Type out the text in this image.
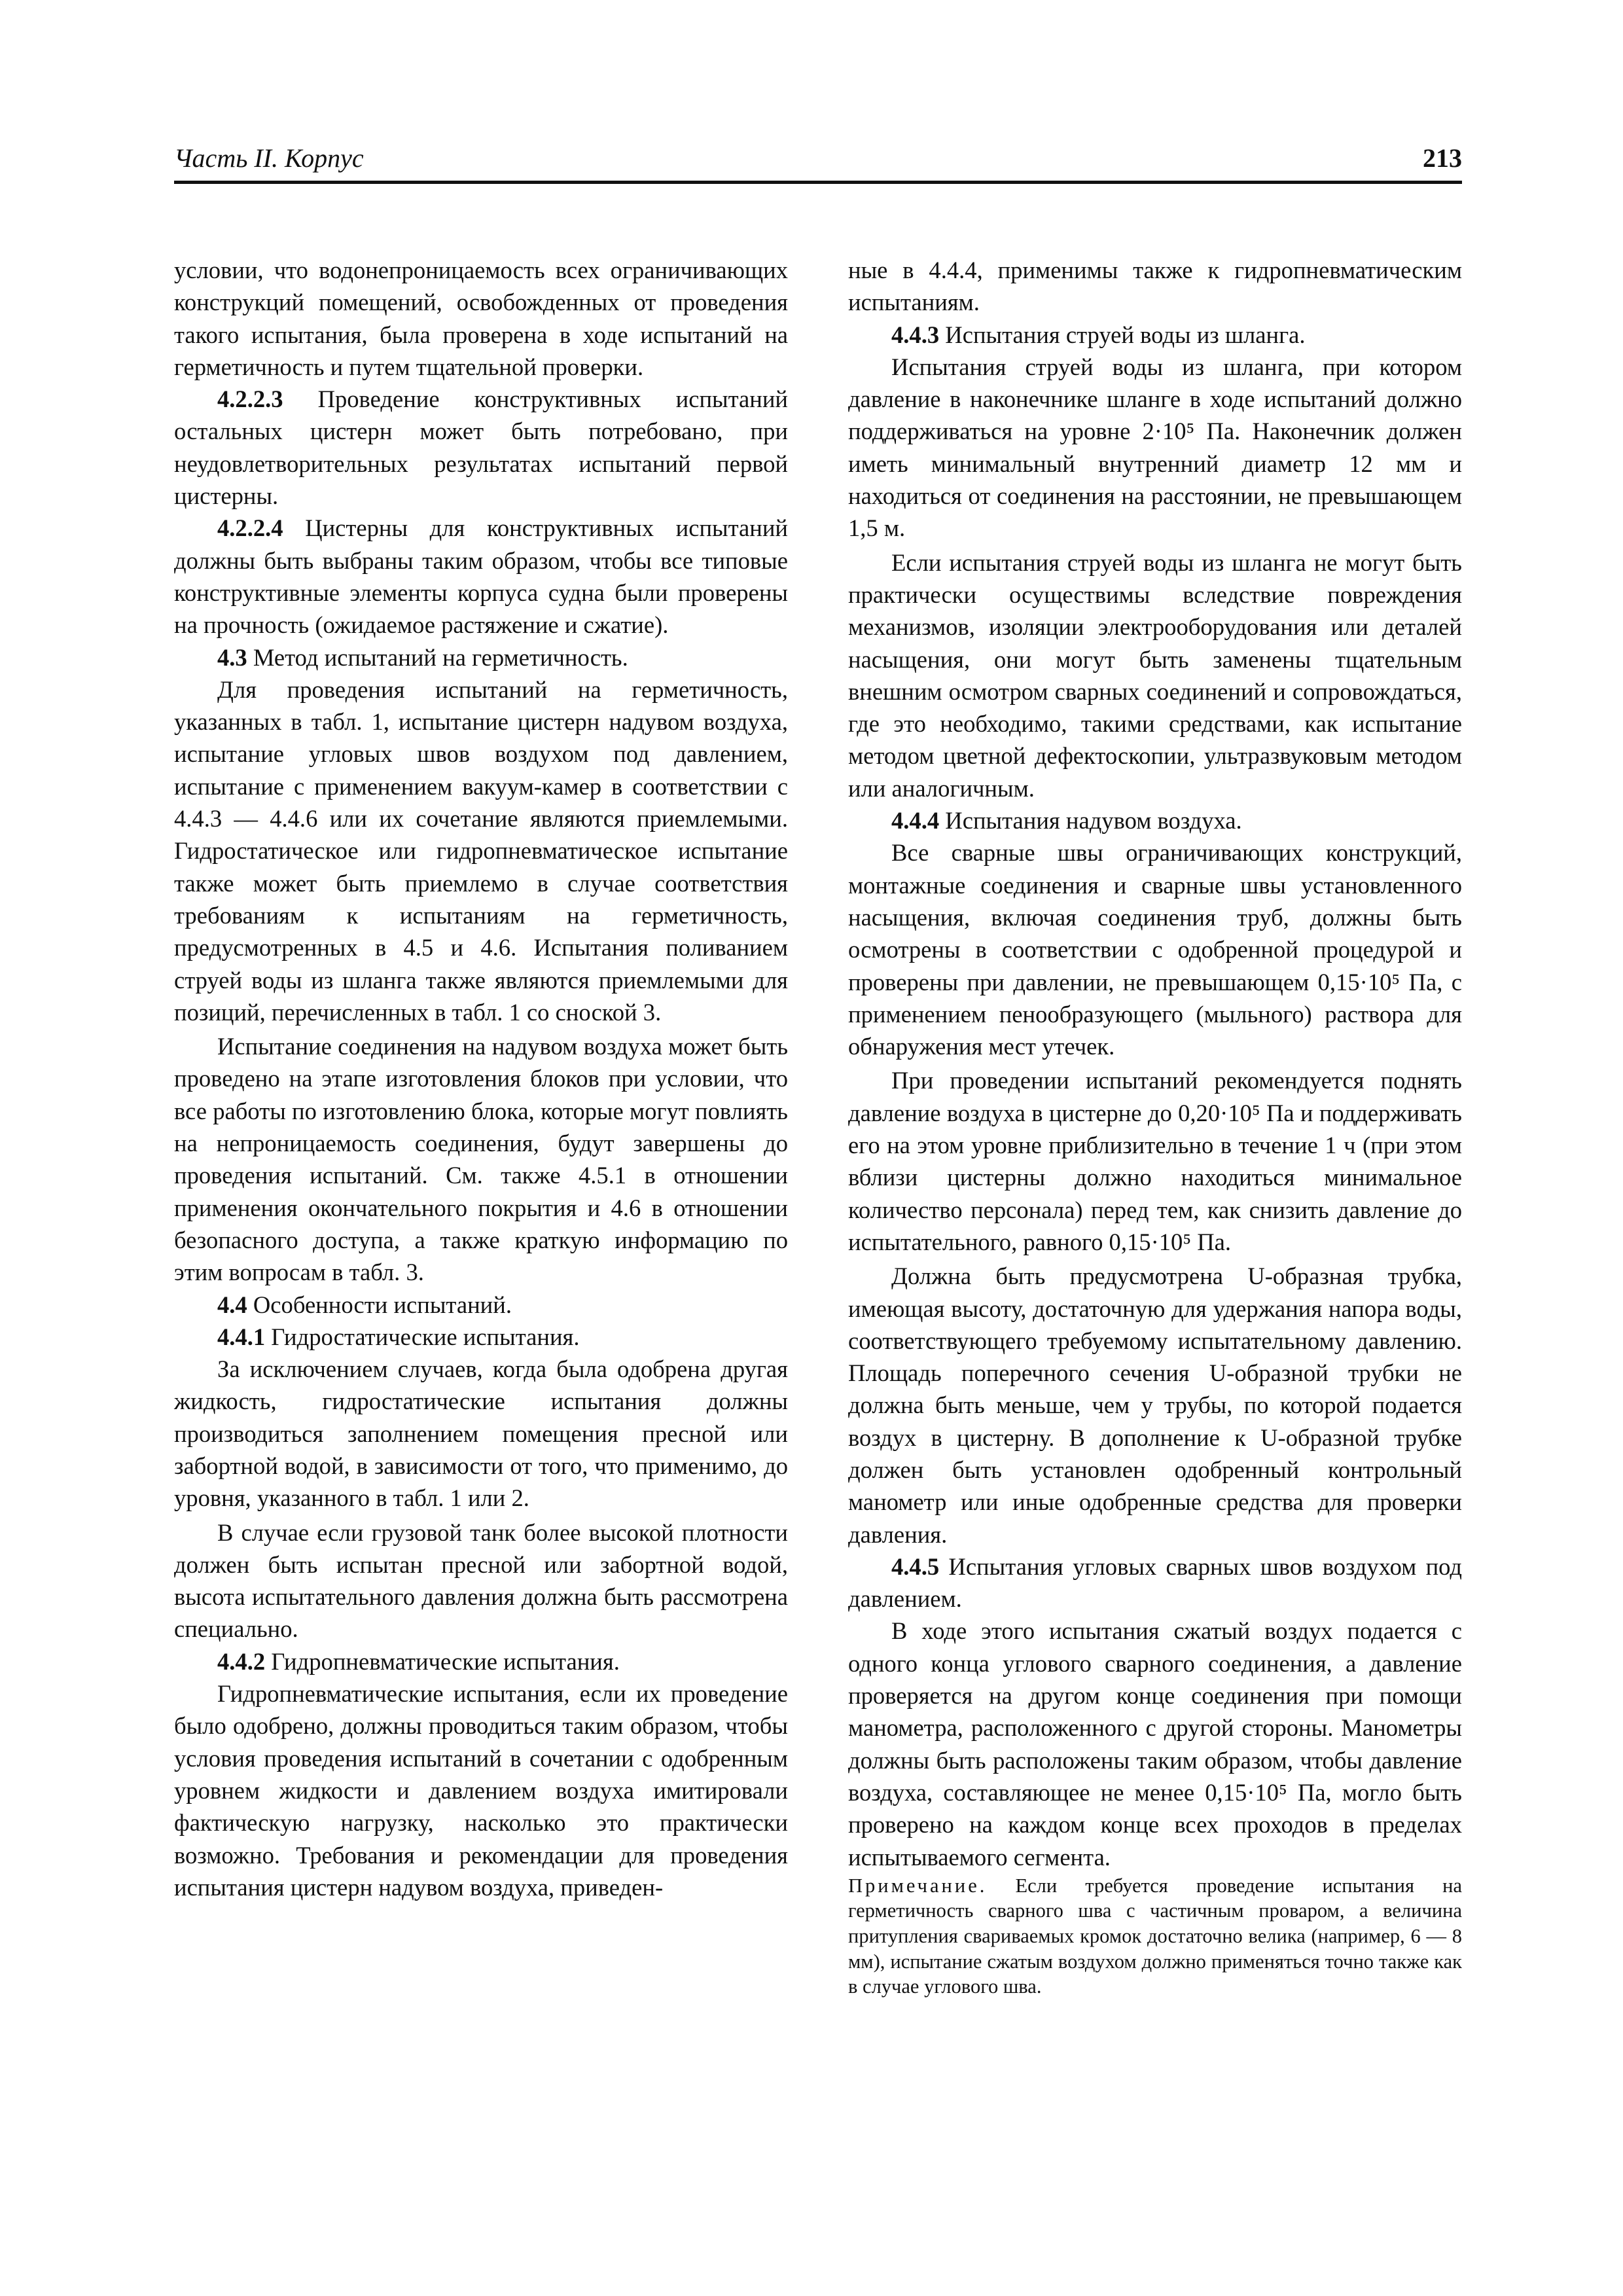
Часть II. Корпус	213

условии, что водонепроницаемость всех ограничивающих конструкций помещений, освобожденных от проведения такого испытания, была проверена в ходе испытаний на герметичность и путем тщательной проверки.

4.2.2.3 Проведение конструктивных испытаний остальных цистерн может быть потребовано, при неудовлетворительных результатах испытаний первой цистерны.

4.2.2.4 Цистерны для конструктивных испытаний должны быть выбраны таким образом, чтобы все типовые конструктивные элементы корпуса судна были проверены на прочность (ожидаемое растяжение и сжатие).

4.3 Метод испытаний на герметичность.

Для проведения испытаний на герметичность, указанных в табл. 1, испытание цистерн надувом воздуха, испытание угловых швов воздухом под давлением, испытание с применением вакуум-камер в соответствии с 4.4.3 — 4.4.6 или их сочетание являются приемлемыми. Гидростатическое или гидропневматическое испытание также может быть приемлемо в случае соответствия требованиям к испытаниям на герметичность, предусмотренных в 4.5 и 4.6. Испытания поливанием струей воды из шланга также являются приемлемыми для позиций, перечисленных в табл. 1 со сноской 3.

Испытание соединения на надувом воздуха может быть проведено на этапе изготовления блоков при условии, что все работы по изготовлению блока, которые могут повлиять на непроницаемость соединения, будут завершены до проведения испытаний. См. также 4.5.1 в отношении применения окончательного покрытия и 4.6 в отношении безопасного доступа, а также краткую информацию по этим вопросам в табл. 3.

4.4 Особенности испытаний.

4.4.1 Гидростатические испытания.

За исключением случаев, когда была одобрена другая жидкость, гидростатические испытания должны производиться заполнением помещения пресной или забортной водой, в зависимости от того, что применимо, до уровня, указанного в табл. 1 или 2.

В случае если грузовой танк более высокой плотности должен быть испытан пресной или забортной водой, высота испытательного давления должна быть рассмотрена специально.

4.4.2 Гидропневматические испытания.

Гидропневматические испытания, если их проведение было одобрено, должны проводиться таким образом, чтобы условия проведения испытаний в сочетании с одобренным уровнем жидкости и давлением воздуха имитировали фактическую нагрузку, насколько это практически возможно. Требования и рекомендации для проведения испытания цистерн надувом воздуха, приведен-

ные в 4.4.4, применимы также к гидропневматическим испытаниям.

4.4.3 Испытания струей воды из шланга.

Испытания струей воды из шланга, при котором давление в наконечнике шланге в ходе испытаний должно поддерживаться на уровне 2·10⁵ Па. Наконечник должен иметь минимальный внутренний диаметр 12 мм и находиться от соединения на расстоянии, не превышающем 1,5 м.

Если испытания струей воды из шланга не могут быть практически осуществимы вследствие повреждения механизмов, изоляции электрооборудования или деталей насыщения, они могут быть заменены тщательным внешним осмотром сварных соединений и сопровождаться, где это необходимо, такими средствами, как испытание методом цветной дефектоскопии, ультразвуковым методом или аналогичным.

4.4.4 Испытания надувом воздуха.

Все сварные швы ограничивающих конструкций, монтажные соединения и сварные швы установленного насыщения, включая соединения труб, должны быть осмотрены в соответствии с одобренной процедурой и проверены при давлении, не превышающем 0,15·10⁵ Па, с применением пенообразующего (мыльного) раствора для обнаружения мест утечек.

При проведении испытаний рекомендуется поднять давление воздуха в цистерне до 0,20·10⁵ Па и поддерживать его на этом уровне приблизительно в течение 1 ч (при этом вблизи цистерны должно находиться минимальное количество персонала) перед тем, как снизить давление до испытательного, равного 0,15·10⁵ Па.

Должна быть предусмотрена U-образная трубка, имеющая высоту, достаточную для удержания напора воды, соответствующего требуемому испытательному давлению. Площадь поперечного сечения U-образной трубки не должна быть меньше, чем у трубы, по которой подается воздух в цистерну. В дополнение к U-образной трубке должен быть установлен одобренный контрольный манометр или иные одобренные средства для проверки давления.

4.4.5 Испытания угловых сварных швов воздухом под давлением.

В ходе этого испытания сжатый воздух подается с одного конца углового сварного соединения, а давление проверяется на другом конце соединения при помощи манометра, расположенного с другой стороны. Манометры должны быть расположены таким образом, чтобы давление воздуха, составляющее не менее 0,15·10⁵ Па, могло быть проверено на каждом конце всех проходов в пределах испытываемого сегмента.

Примечание. Если требуется проведение испытания на герметичность сварного шва с частичным проваром, а величина притупления свариваемых кромок достаточно велика (например, 6 — 8 мм), испытание сжатым воздухом должно применяться точно также как в случае углового шва.
